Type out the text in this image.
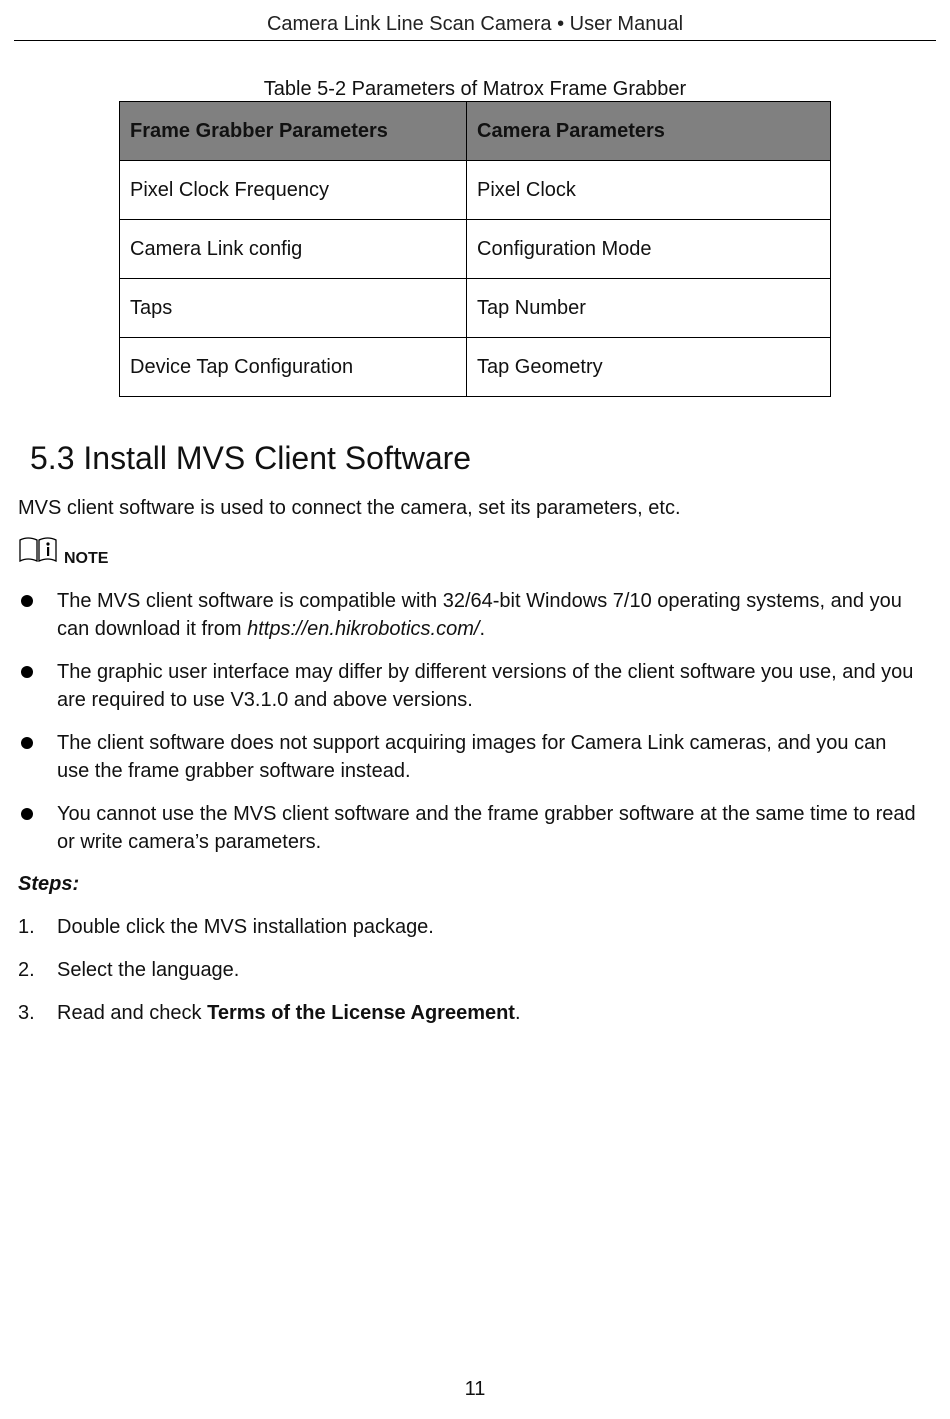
Camera Link Line Scan Camera • User Manual
Table 5-2 Parameters of Matrox Frame Grabber
Frame Grabber Parameters	Camera Parameters
Pixel Clock Frequency	Pixel Clock
Camera Link config	Configuration Mode
Taps	Tap Number
Device Tap Configuration	Tap Geometry
5.3 Install MVS Client Software
MVS client software is used to connect the camera, set its parameters, etc.
NOTE
The MVS client software is compatible with 32/64-bit Windows 7/10 operating systems, and you can download it from https://en.hikrobotics.com/.
The graphic user interface may differ by different versions of the client software you use, and you are required to use V3.1.0 and above versions.
The client software does not support acquiring images for Camera Link cameras, and you can use the frame grabber software instead.
You cannot use the MVS client software and the frame grabber software at the same time to read or write camera’s parameters.
Steps:
1.	Double click the MVS installation package.
2.	Select the language.
3.	Read and check Terms of the License Agreement.
11
